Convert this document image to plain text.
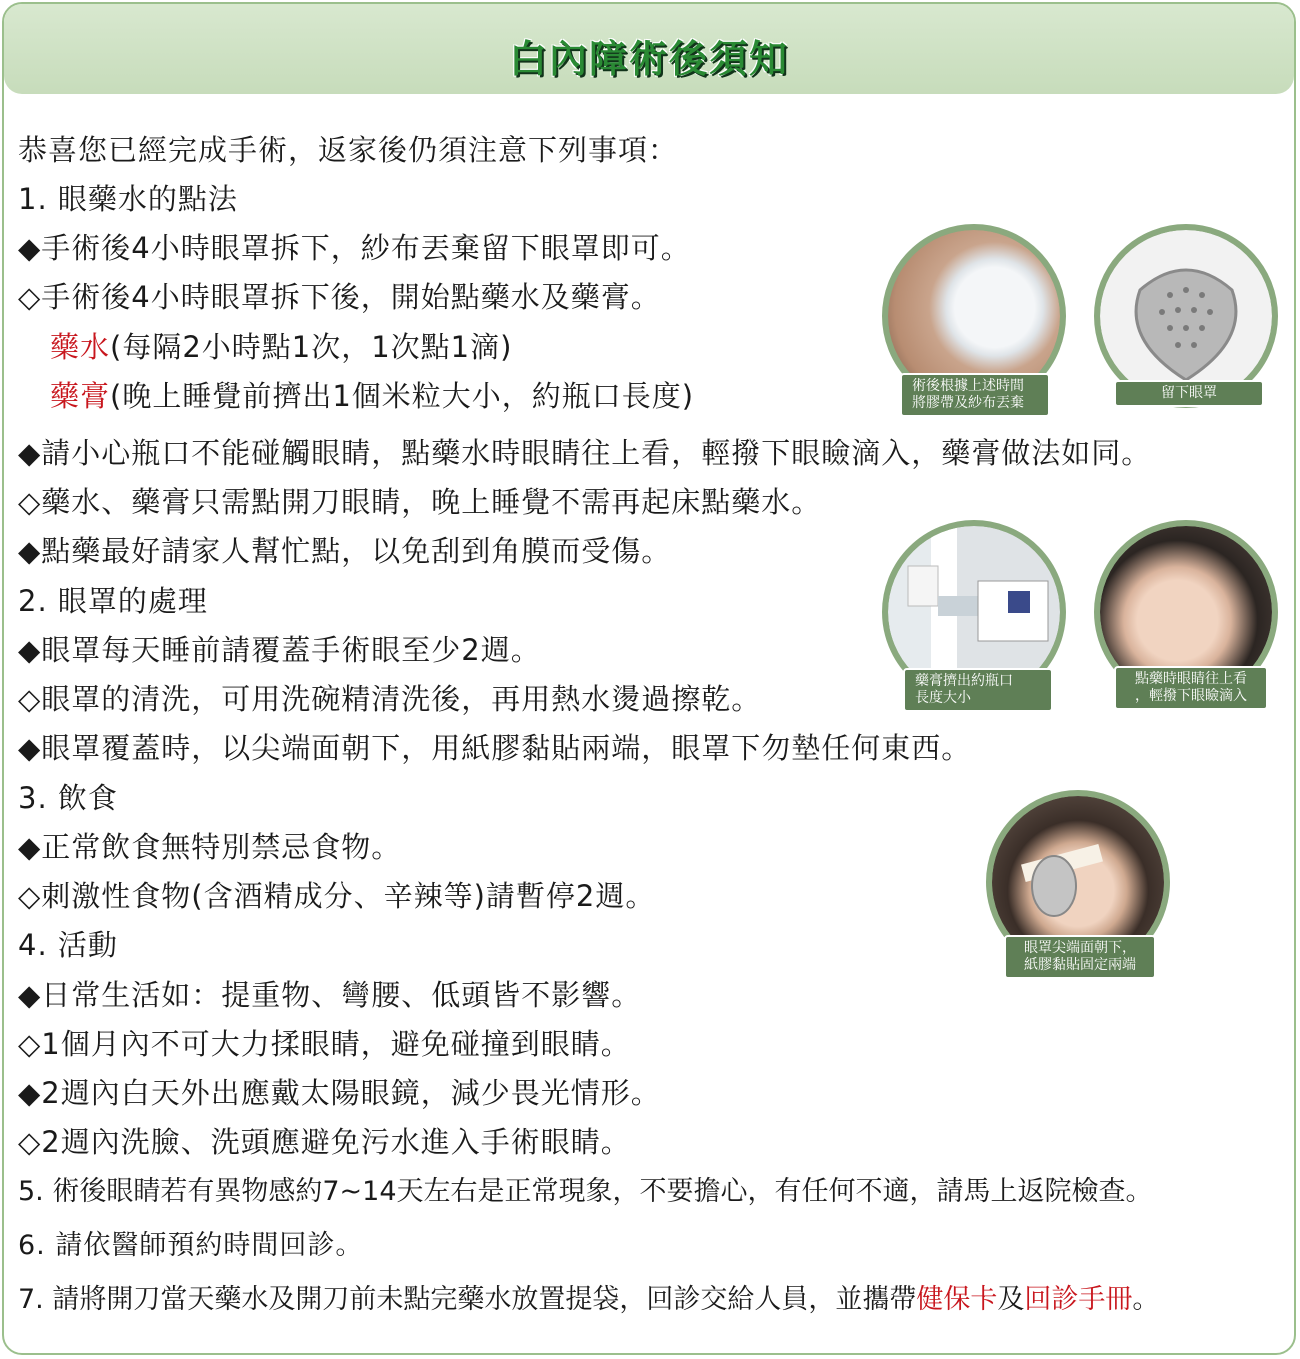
白內障術後須知
恭喜您已經完成手術，返家後仍須注意下列事項：
1. 眼藥水的點法
◆手術後4小時眼罩拆下，紗布丟棄留下眼罩即可。
◇手術後4小時眼罩拆下後，開始點藥水及藥膏。
藥水(每隔2小時點1次，1次點1滴)
藥膏(晚上睡覺前擠出1個米粒大小，約瓶口長度)
◆請小心瓶口不能碰觸眼睛，點藥水時眼睛往上看，輕撥下眼瞼滴入，藥膏做法如同。
◇藥水、藥膏只需點開刀眼睛，晚上睡覺不需再起床點藥水。
◆點藥最好請家人幫忙點，以免刮到角膜而受傷。
2. 眼罩的處理
◆眼罩每天睡前請覆蓋手術眼至少2週。
◇眼罩的清洗，可用洗碗精清洗後，再用熱水燙過擦乾。
◆眼罩覆蓋時，以尖端面朝下，用紙膠黏貼兩端，眼罩下勿墊任何東西。
3. 飲食
◆正常飲食無特別禁忌食物。
◇刺激性食物(含酒精成分、辛辣等)請暫停2週。
4. 活動
◆日常生活如：提重物、彎腰、低頭皆不影響。
◇1個月內不可大力揉眼睛，避免碰撞到眼睛。
◆2週內白天外出應戴太陽眼鏡，減少畏光情形。
◇2週內洗臉、洗頭應避免污水進入手術眼睛。
5. 術後眼睛若有異物感約7~14天左右是正常現象，不要擔心，有任何不適，請馬上返院檢查。
6. 請依醫師預約時間回診。
7. 請將開刀當天藥水及開刀前未點完藥水放置提袋，回診交給人員，並攜帶健保卡及回診手冊。
術後根據上述時間
將膠帶及紗布丟棄
留下眼罩
藥膏擠出約瓶口
長度大小
點藥時眼睛往上看
，輕撥下眼瞼滴入
眼罩尖端面朝下，
紙膠黏貼固定兩端
